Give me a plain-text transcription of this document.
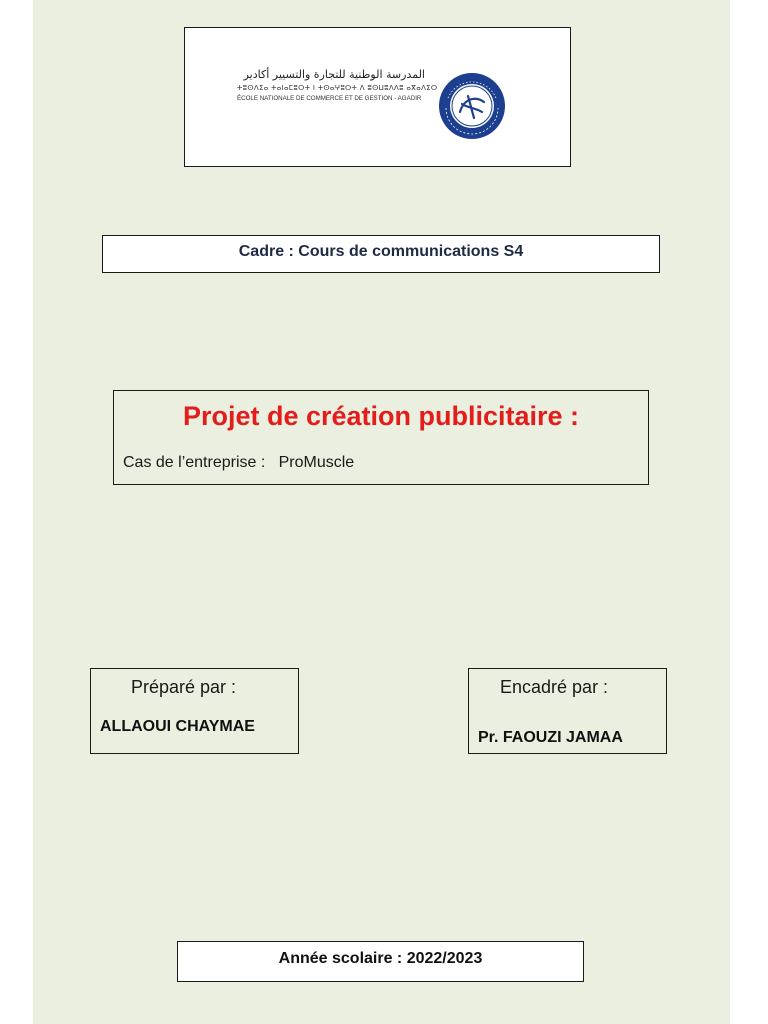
المدرسة الوطنية للتجارة والتسيير أكادير
ⵜⵓⵙⴷⵉⴰ ⵜⴰⵏⴰⵎⵓⵔⵜ ⵏ ⵜⵙⴰⵖⵓⵔⵜ ⴷ ⵓⵙⵡⵓⴷⴷⵓ ⴰⴳⴰⴷⵉⵔ
ÉCOLE NATIONALE DE COMMERCE ET DE GESTION - AGADIR
Cadre : Cours de communications S4
Projet de création publicitaire :
Cas de l’entreprise :   ProMuscle
Préparé par :
ALLAOUI CHAYMAE
Encadré par :
Pr. FAOUZI JAMAA
Année scolaire : 2022/2023
